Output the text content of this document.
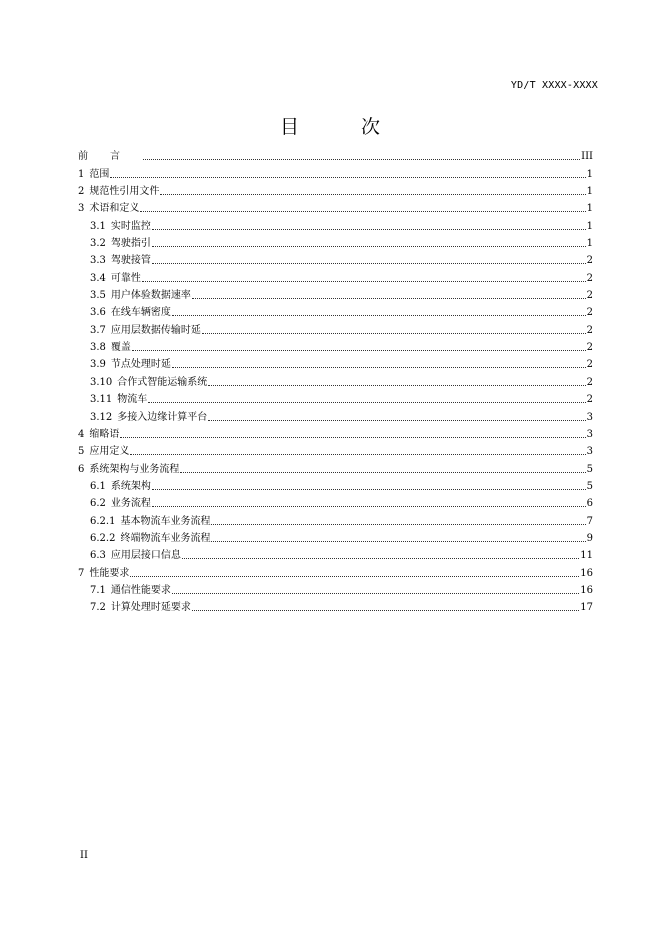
YD/T XXXX-XXXX
目 次
前言	III
1 范围	1
2 规范性引用文件	1
3 术语和定义	1
3.1 实时监控	1
3.2 驾驶指引	1
3.3 驾驶接管	2
3.4 可靠性	2
3.5 用户体验数据速率	2
3.6 在线车辆密度	2
3.7 应用层数据传输时延	2
3.8 覆盖	2
3.9 节点处理时延	2
3.10 合作式智能运输系统	2
3.11 物流车	2
3.12 多接入边缘计算平台	3
4 缩略语	3
5 应用定义	3
6 系统架构与业务流程	5
6.1 系统架构	5
6.2 业务流程	6
6.2.1 基本物流车业务流程	7
6.2.2 终端物流车业务流程	9
6.3 应用层接口信息	11
7 性能要求	16
7.1 通信性能要求	16
7.2 计算处理时延要求	17
II
